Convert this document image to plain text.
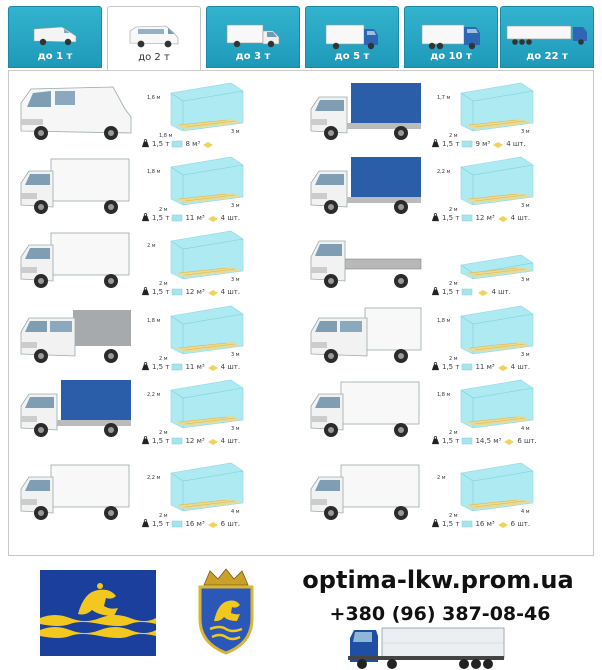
до 1 т	до 2 т	до 3 т	до 5 т	до 10 т	до 22 т
1,6 м
1,8 м
3 м
1,5 т 8 м³
1,8 м
2 м
3 м
1,5 т 11 м³ 4 шт.
2 м
2 м
3 м
1,5 т 12 м³ 4 шт.
1,8 м
2 м
3 м
1,5 т 11 м³ 4 шт.
2,2 м
2 м
3 м
1,5 т 12 м³ 4 шт.
2,2 м
2 м
4 м
1,5 т 16 м³ 6 шт.
1,7 м
2 м
3 м
1,5 т 9 м³ 4 шт.
2,2 м
2 м
3 м
1,5 т 12 м³ 4 шт.
2 м
3 м
1,5 т	4 шт.
1,8 м
2 м
3 м
1,5 т 11 м³ 4 шт.
1,8 м
2 м
4 м
1,5 т 14,5 м³ 6 шт.
2 м
2 м
4 м
1,5 т 16 м³ 6 шт.
optima-lkw.prom.ua
+380 (96) 387-08-46
